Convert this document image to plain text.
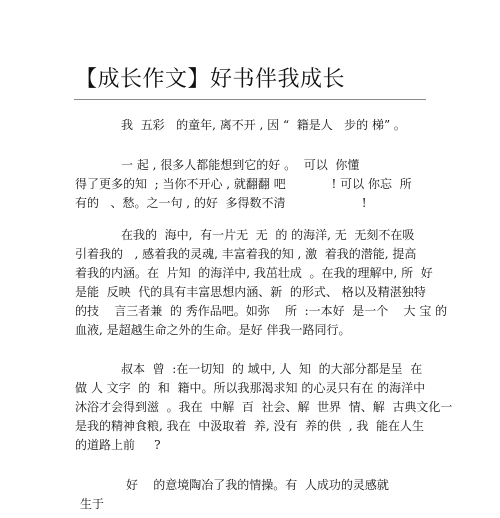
【成长作文】好书伴我成长
我  五彩   的童年, 离不开 , 因 “  籍是人   步的 梯” 。
一 起 , 很多人都能想到它的好 。  可以  你懂
得了更多的知  ; 当你不开心 , 就翻翻 吧            ! 可以 你忘  所
有的   、愁。之一句 , 的好  多得数不清                    !
在我的  海中,  有一片无  无  的 的海洋, 无  无刻不在吸
引着我的   , 感着我的灵魂, 丰富着我的知 , 激  着我的潜能, 提高
着我的内涵。在  片知  的海洋中, 我茁壮成  。在我的理解中, 所  好
是能  反映  代的具有丰富思想内涵、新  的形式、 格以及精湛独特
的技    言三者兼  的 秀作品吧。如弥    所  :一本好  是一个    大 宝 的
血液, 是超越生命之外的生命。是好 伴我一路同行。
叔本  曾  :在一切知  的 域中, 人  知  的大部分都是呈  在
做 人 文字  的  和  籍中。所以我那渴求知 的心灵只有在 的海洋中
沐浴才会得到滋  。我在  中解  百  社会、解  世界  情、解  古典文化一
是我的精神食粮, 我在  中汲取着  养, 没有  养的供  , 我  能在人生
的道路上前     ?
好    的意境陶冶了我的情操。有  人成功的灵感就
生于
